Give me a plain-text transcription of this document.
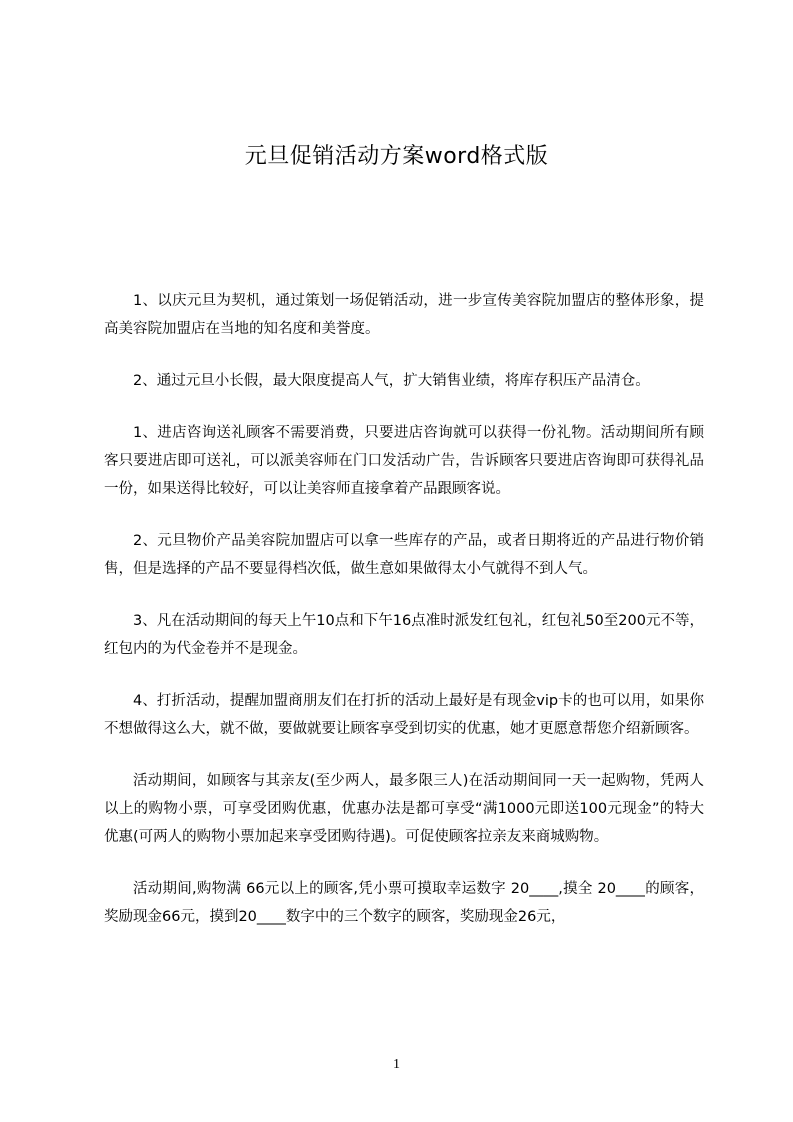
元旦促销活动方案word格式版

1、以庆元旦为契机，通过策划一场促销活动，进一步宣传美容院加盟店的整体形象，提高美容院加盟店在当地的知名度和美誉度。

2、通过元旦小长假，最大限度提高人气，扩大销售业绩，将库存积压产品清仓。

1、进店咨询送礼顾客不需要消费，只要进店咨询就可以获得一份礼物。活动期间所有顾客只要进店即可送礼，可以派美容师在门口发活动广告，告诉顾客只要进店咨询即可获得礼品一份，如果送得比较好，可以让美容师直接拿着产品跟顾客说。

2、元旦物价产品美容院加盟店可以拿一些库存的产品，或者日期将近的产品进行物价销售，但是选择的产品不要显得档次低，做生意如果做得太小气就得不到人气。

3、凡在活动期间的每天上午10点和下午16点准时派发红包礼，红包礼50至200元不等，红包内的为代金卷并不是现金。

4、打折活动，提醒加盟商朋友们在打折的活动上最好是有现金vip卡的也可以用，如果你不想做得这么大，就不做，要做就要让顾客享受到切实的优惠，她才更愿意帮您介绍新顾客。

活动期间，如顾客与其亲友(至少两人，最多限三人)在活动期间同一天一起购物，凭两人以上的购物小票，可享受团购优惠，优惠办法是都可享受“满1000元即送100元现金”的特大优惠(可两人的购物小票加起来享受团购待遇)。可促使顾客拉亲友来商城购物。

活动期间,购物满 66元以上的顾客,凭小票可摸取幸运数字 20____,摸全 20____的顾客，奖励现金66元，摸到20____数字中的三个数字的顾客，奖励现金26元，

1
